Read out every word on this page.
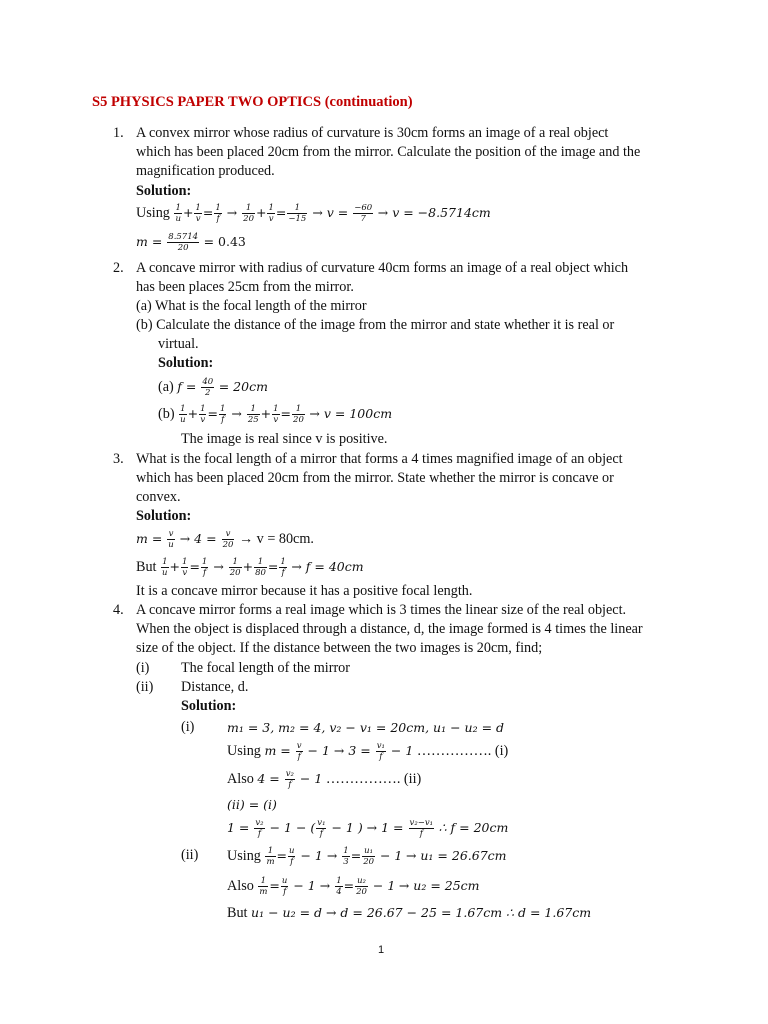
S5 PHYSICS PAPER TWO OPTICS (continuation)
1. A convex mirror whose radius of curvature is 30cm forms an image of a real object
which has been placed 20cm from the mirror. Calculate the position of the image and the
magnification produced.
Solution:
Using $\frac{1}{u} + \frac{1}{v} = \frac{1}{f} \to \frac{1}{20} + \frac{1}{v} = \frac{1}{-15} \to v = \frac{-60}{7} \to v = -8.5714cm$
$m = \frac{8.5714}{20} = 0.43$
2. A concave mirror with radius of curvature 40cm forms an image of a real object which
has been places 25cm from the mirror.
(a) What is the focal length of the mirror
(b) Calculate the distance of the image from the mirror and state whether it is real or
virtual.
Solution:
(a) $f = \frac{40}{2} = 20cm$
$(b) \frac{1}{u} + \frac{1}{v} = \frac{1}{f} \to \frac{1}{25} + \frac{1}{v} = \frac{1}{20} \to v = 100cm$
The image is real since v is positive.
3. What is the focal length of a mirror that forms a 4 times magnified image of an object
which has been placed 20cm from the mirror. State whether the mirror is concave or
convex.
Solution:
$m = \frac{v}{u} \to 4 = \frac{v}{20} \to v = 80cm$.
But $\frac{1}{u} + \frac{1}{v} = \frac{1}{f} \to \frac{1}{20} + \frac{1}{80} = \frac{1}{f} \to f = 40cm$
It is a concave mirror because it has a positive focal length.
4. A concave mirror forms a real image which is 3 times the linear size of the real object.
When the object is displaced through a distance, d, the image formed is 4 times the linear
size of the object. If the distance between the two images is 20cm, find;
(i) The focal length of the mirror
(ii) Distance, d.
Solution:
(i)	m₁ = 3, m₂ = 4, v₂ − v₁ = 20cm, u₁ − u₂ = d
Using $m = \frac{v}{f} - 1 \to 3 = \frac{\text{v₁}}{f} - 1$ ……………. (i)
Also $4 = \frac{\text{v₂}}{f} - 1$ ……………. (ii)
(ii) = (i)
$1 = \frac{\text{v₂}}{f} - 1$ − ( $\frac{\text{v₁}}{f} - 1$ ) → $1 = \frac{\text{v₂−v₁}}{f}$ ∴ f = 20cm
(ii) Using $\frac{1}{m} = \frac{u}{f} - 1 \to \frac{1}{3} = \frac{\text{u₁}}{20} - 1 \to u_1 = 26.67cm$
Also $\frac{1}{m} = \frac{u}{f} - 1 \to \frac{1}{4} = \frac{\text{u₂}}{20} - 1 \to u_2 = 25cm$
But u₁ − u₂ = d → d = 26.67 − 25 = 1.67cm ∴ d = 1.67cm
1
